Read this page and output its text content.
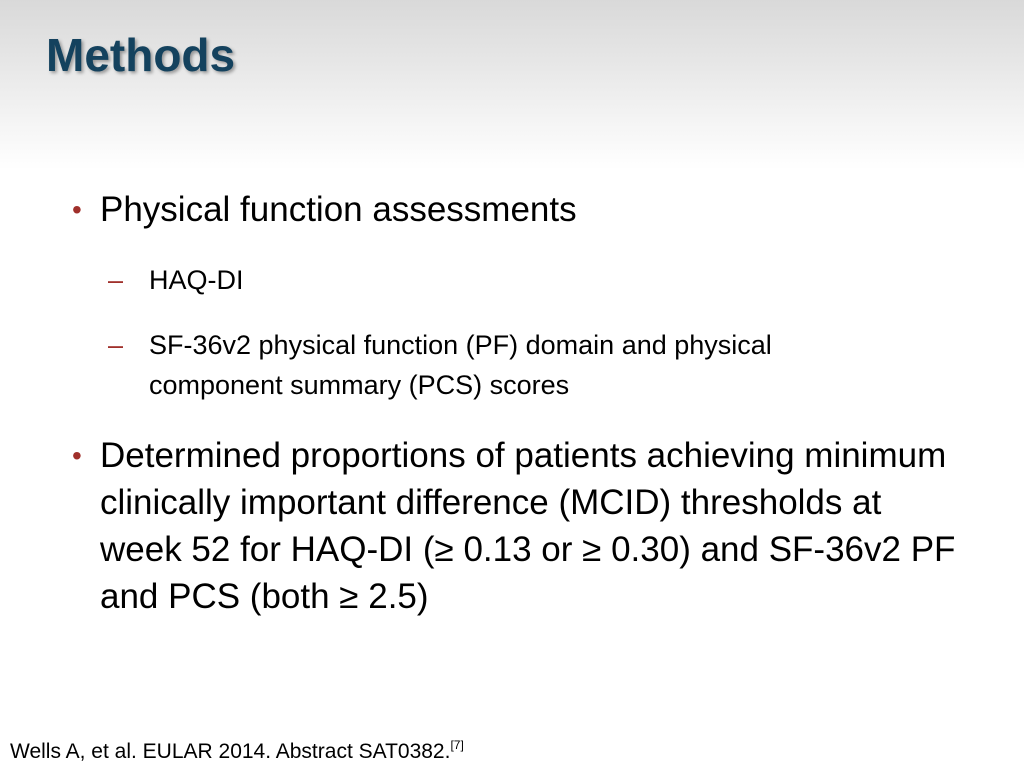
Methods
• Physical function assessments
– HAQ-DI
– SF-36v2 physical function (PF) domain and physical component summary (PCS) scores
• Determined proportions of patients achieving minimum clinically important difference (MCID) thresholds at week 52 for HAQ-DI (≥ 0.13 or ≥ 0.30) and SF-36v2 PF and PCS (both ≥ 2.5)
Wells A, et al. EULAR 2014. Abstract SAT0382.[7]
